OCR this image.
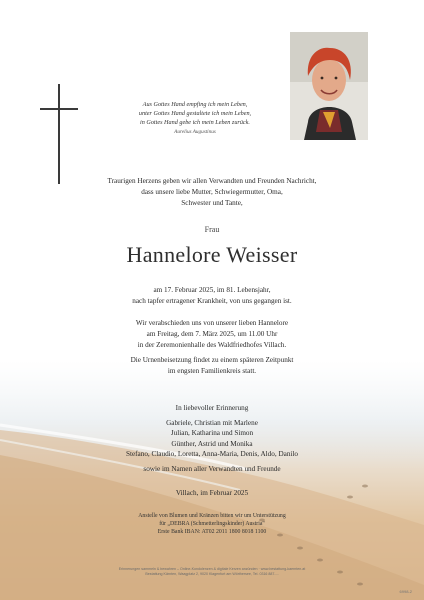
Aus Gottes Hand empfing ich mein Leben,
unter Gottes Hand gestaltete ich mein Leben,
in Gottes Hand gebe ich mein Leben zurück.
Aurelius Augustinus
Traurigen Herzens geben wir allen Verwandten und Freunden Nachricht,
dass unsere liebe Mutter, Schwiegermutter, Oma,
Schwester und Tante,
Frau
Hannelore Weisser
am 17. Februar 2025, im 81. Lebensjahr,
nach tapfer ertragener Krankheit, von uns gegangen ist.
Wir verabschieden uns von unserer lieben Hannelore
am Freitag, dem 7. März 2025, um 11.00 Uhr
in der Zeremonienhalle des Waldfriedhofes Villach.
Die Urnenbeisetzung findet zu einem späteren Zeitpunkt
im engsten Familienkreis statt.
In liebevoller Erinnerung
Gabriele, Christian mit Marlene
Julian, Katharina und Simon
Günther, Astrid und Monika
Stefano, Claudio, Loretta, Anna-Maria, Denis, Aldo, Danilo
sowie im Namen aller Verwandten und Freunde
Villach, im Februar 2025
Anstelle von Blumen und Kränzen bitten wir um Unterstützung
für „DEBRA (Schmetterlingskinder) Austria"
Erste Bank IBAN: AT02 2011 1800 8018 1100
Erinnerungen sammeln & bewahren – Online-Kondolenzen & digitale Kerzen anzünden · www.bestattung-kaernten.at
Bestattung Kärnten, Waagplatz 2, 9020 Klagenfurt am Wörthersee, Tel. 0316 887-...
6998-2
